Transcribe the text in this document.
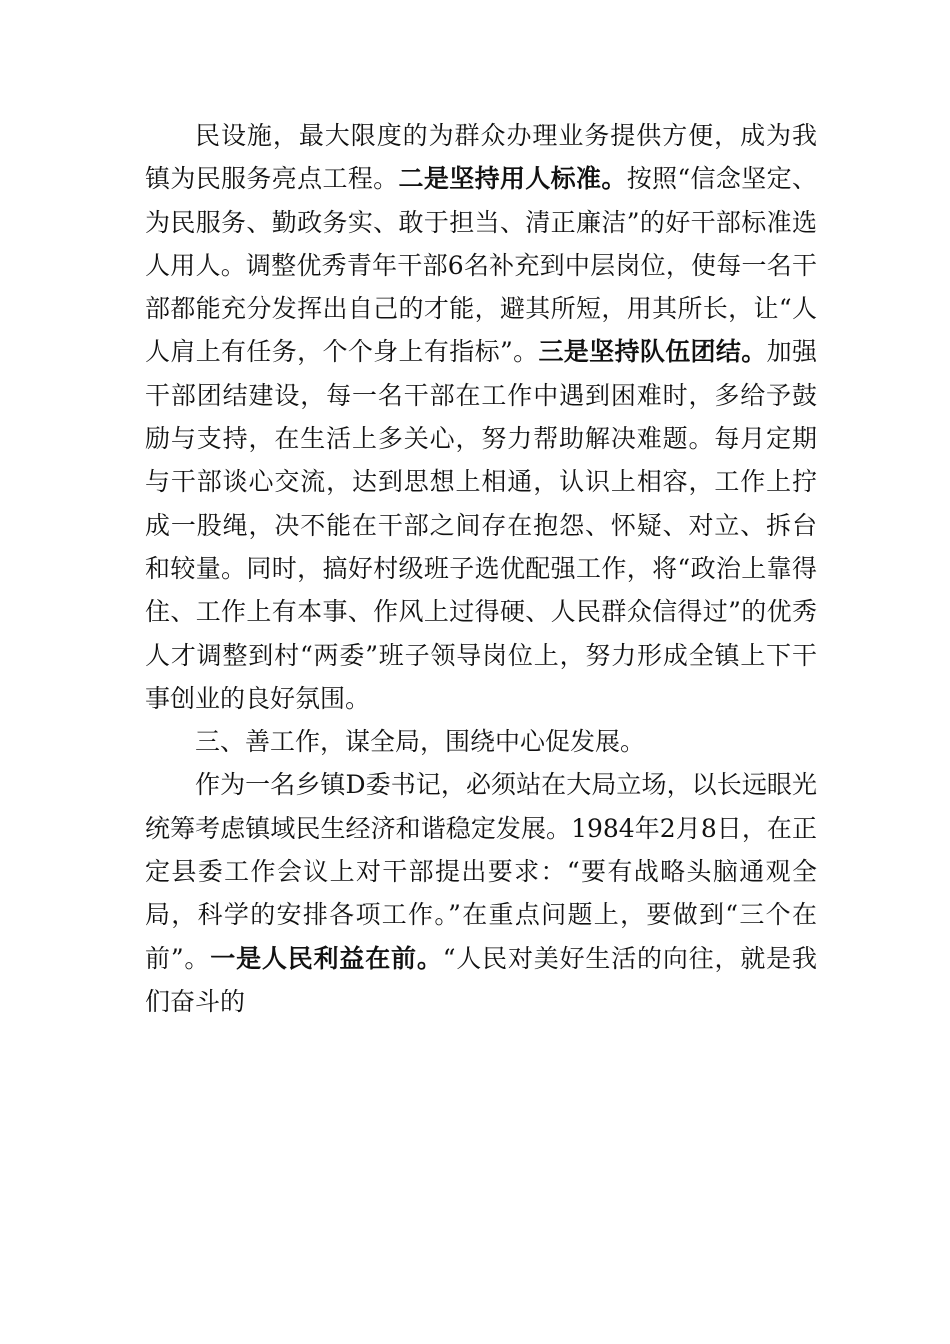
民设施，最大限度的为群众办理业务提供方便，成为我镇为民服务亮点工程。二是坚持用人标准。按照“信念坚定、为民服务、勤政务实、敢于担当、清正廉洁”的好干部标准选人用人。调整优秀青年干部6名补充到中层岗位，使每一名干部都能充分发挥出自己的才能，避其所短，用其所长，让“人人肩上有任务，个个身上有指标”。三是坚持队伍团结。加强干部团结建设，每一名干部在工作中遇到困难时，多给予鼓励与支持，在生活上多关心，努力帮助解决难题。每月定期与干部谈心交流，达到思想上相通，认识上相容，工作上拧成一股绳，决不能在干部之间存在抱怨、怀疑、对立、拆台和较量。同时，搞好村级班子选优配强工作，将“政治上靠得住、工作上有本事、作风上过得硬、人民群众信得过”的优秀人才调整到村“两委”班子领导岗位上，努力形成全镇上下干事创业的良好氛围。

三、善工作，谋全局，围绕中心促发展。

作为一名乡镇D委书记，必须站在大局立场，以长远眼光统筹考虑镇域民生经济和谐稳定发展。1984年2月8日，在正定县委工作会议上对干部提出要求：“要有战略头脑通观全局，科学的安排各项工作。”在重点问题上，要做到“三个在前”。一是人民利益在前。“人民对美好生活的向往，就是我们奋斗的
